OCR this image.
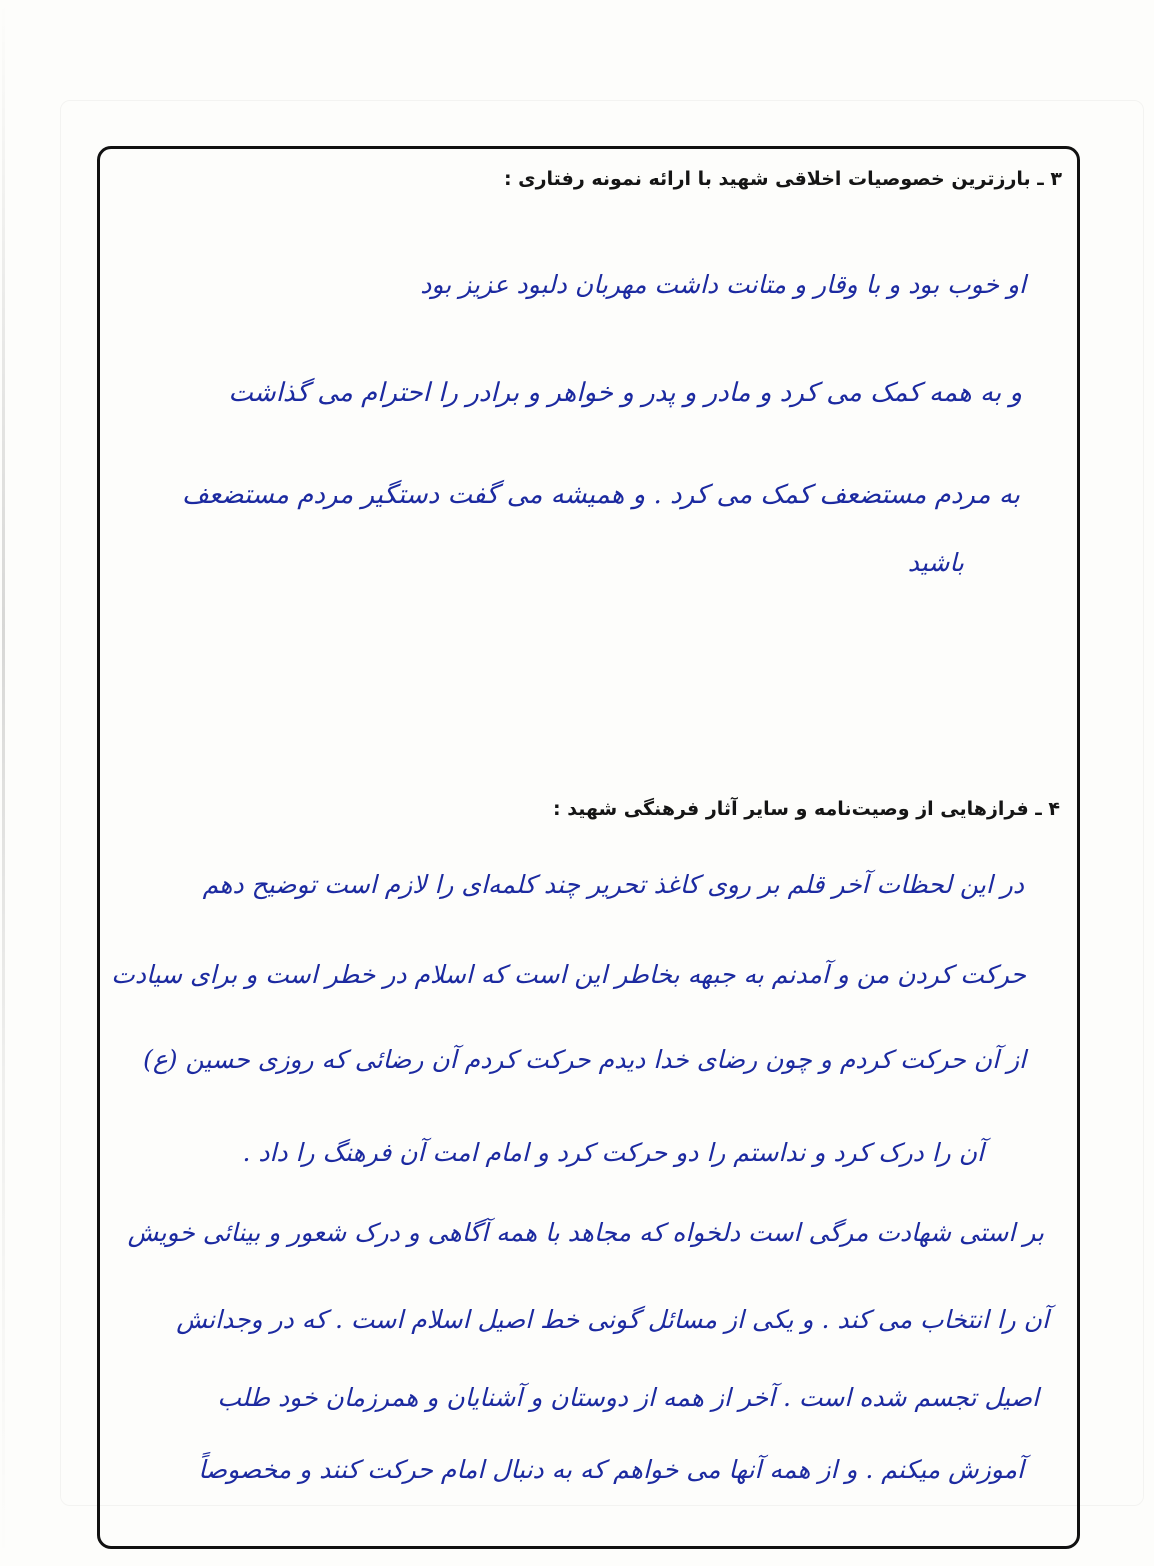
۳ ـ بارزترین خصوصیات اخلاقی شهید با ارائه نمونه رفتاری :
او خوب بود و با وقار و متانت داشت مهربان دلبود عزیز بود
و به همه کمک می کرد و مادر و پدر و خواهر و برادر را احترام می گذاشت
به مردم مستضعف کمک می کرد . و همیشه می گفت دستگیر مردم مستضعف
باشید
۴ ـ فرازهایی از وصیت‌نامه و سایر آثار فرهنگی شهید :
در این لحظات آخر قلم بر روی کاغذ تحریر چند کلمه‌ای را لازم است توضیح دهم
حرکت کردن من و آمدنم به جبهه بخاطر این است که اسلام در خطر است و برای سیادت
از آن حرکت کردم و چون رضای خدا دیدم حرکت کردم آن رضائی که روزی حسین (ع)
آن را درک کرد و نداستم را دو حرکت کرد و امام امت آن فرهنگ را داد .
بر استی شهادت مرگی است دلخواه که مجاهد با همه آگاهی و درک شعور و بینائی خویش
آن را انتخاب می کند . و یکی از مسائل گونی خط اصیل اسلام است . که در وجدانش
اصیل تجسم شده است . آخر از همه از دوستان و آشنایان و همرزمان خود طلب
آموزش میکنم . و از همه آنها می خواهم که به دنبال امام حرکت کنند و مخصوصاً
